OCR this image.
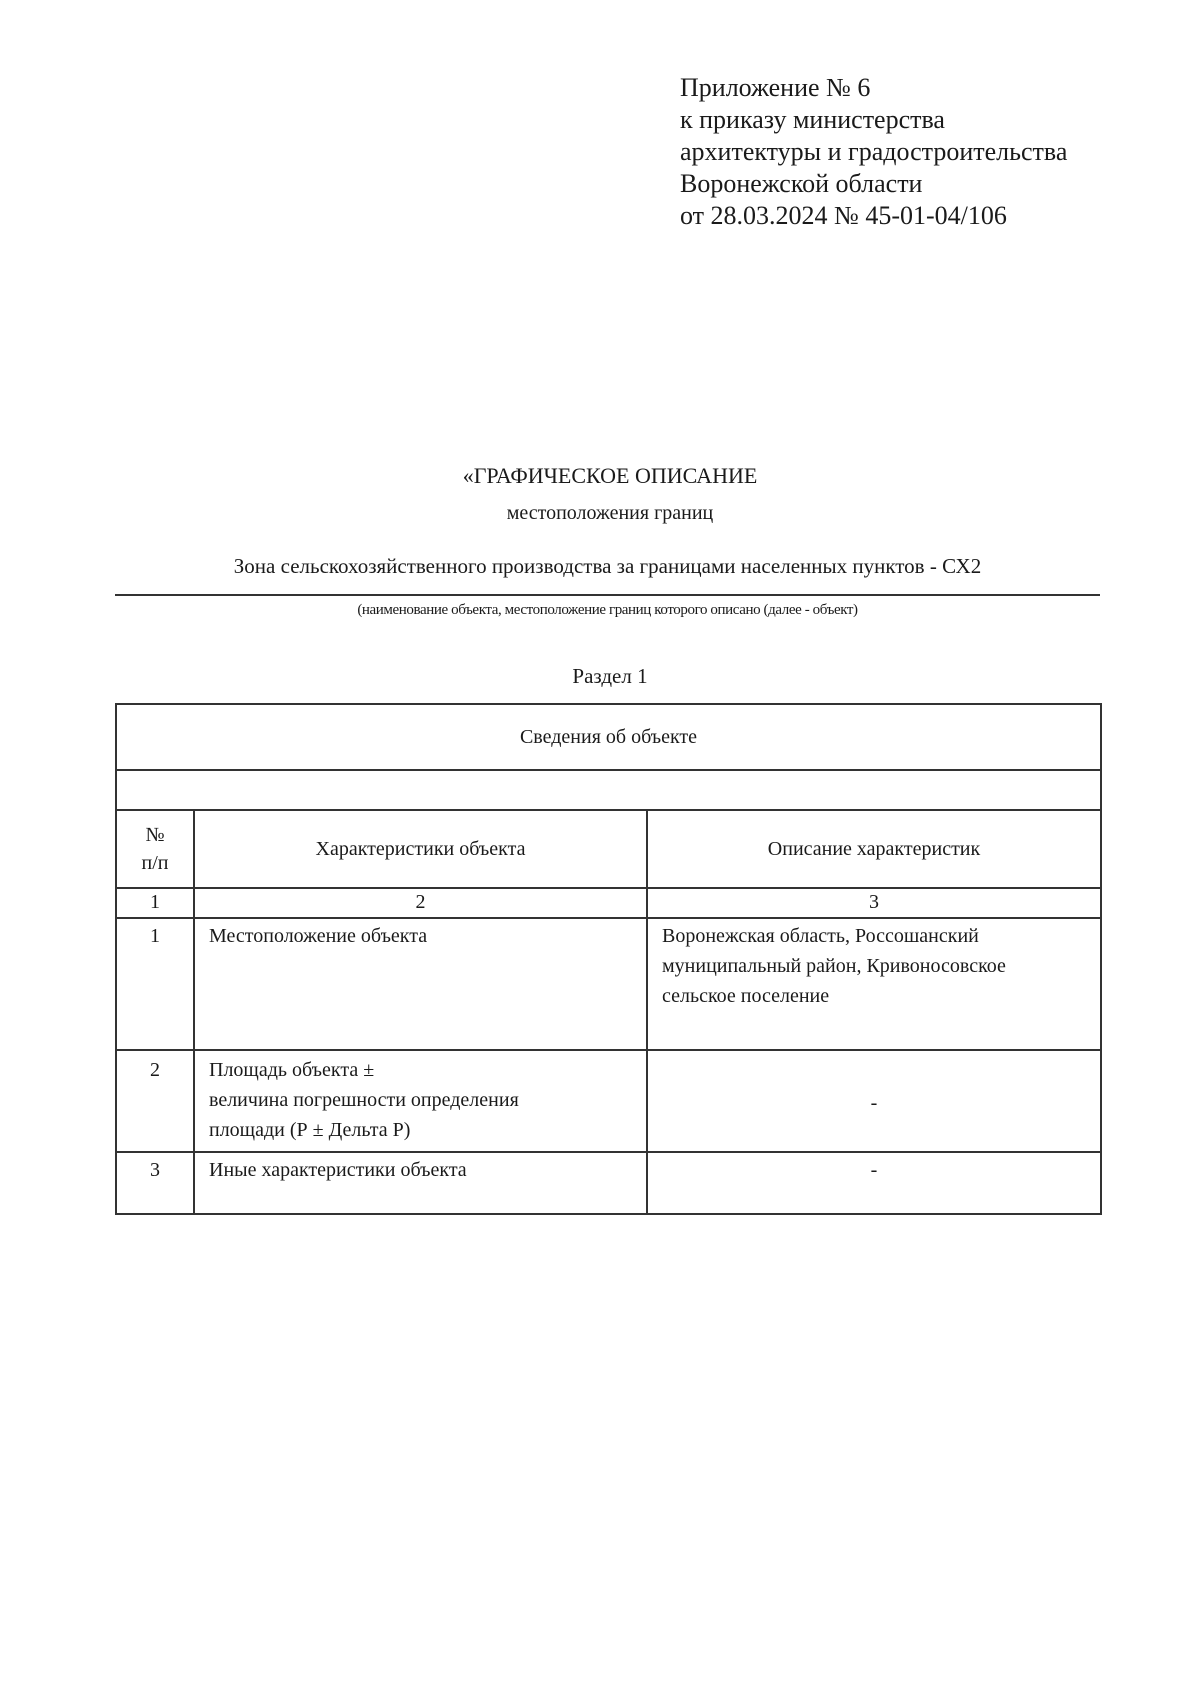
Приложение № 6
к приказу министерства
архитектуры и градостроительства
Воронежской области
от 28.03.2024 № 45-01-04/106
«ГРАФИЧЕСКОЕ ОПИСАНИЕ
местоположения границ
Зона сельскохозяйственного производства за границами населенных пунктов - СХ2
(наименование объекта, местоположение границ которого описано (далее - объект)
Раздел 1
Сведения об объекте		

№
п/п	Характеристики объекта	Описание характеристик
1	2	3
1	Местоположение объекта	Воронежская область, Россошанский
муниципальный район, Кривоносовское
сельское поселение

2	Площадь объекта ±
величина погрешности определения
площади (Р ± Дельта Р)	-
3	Иные характеристики объекта	-
